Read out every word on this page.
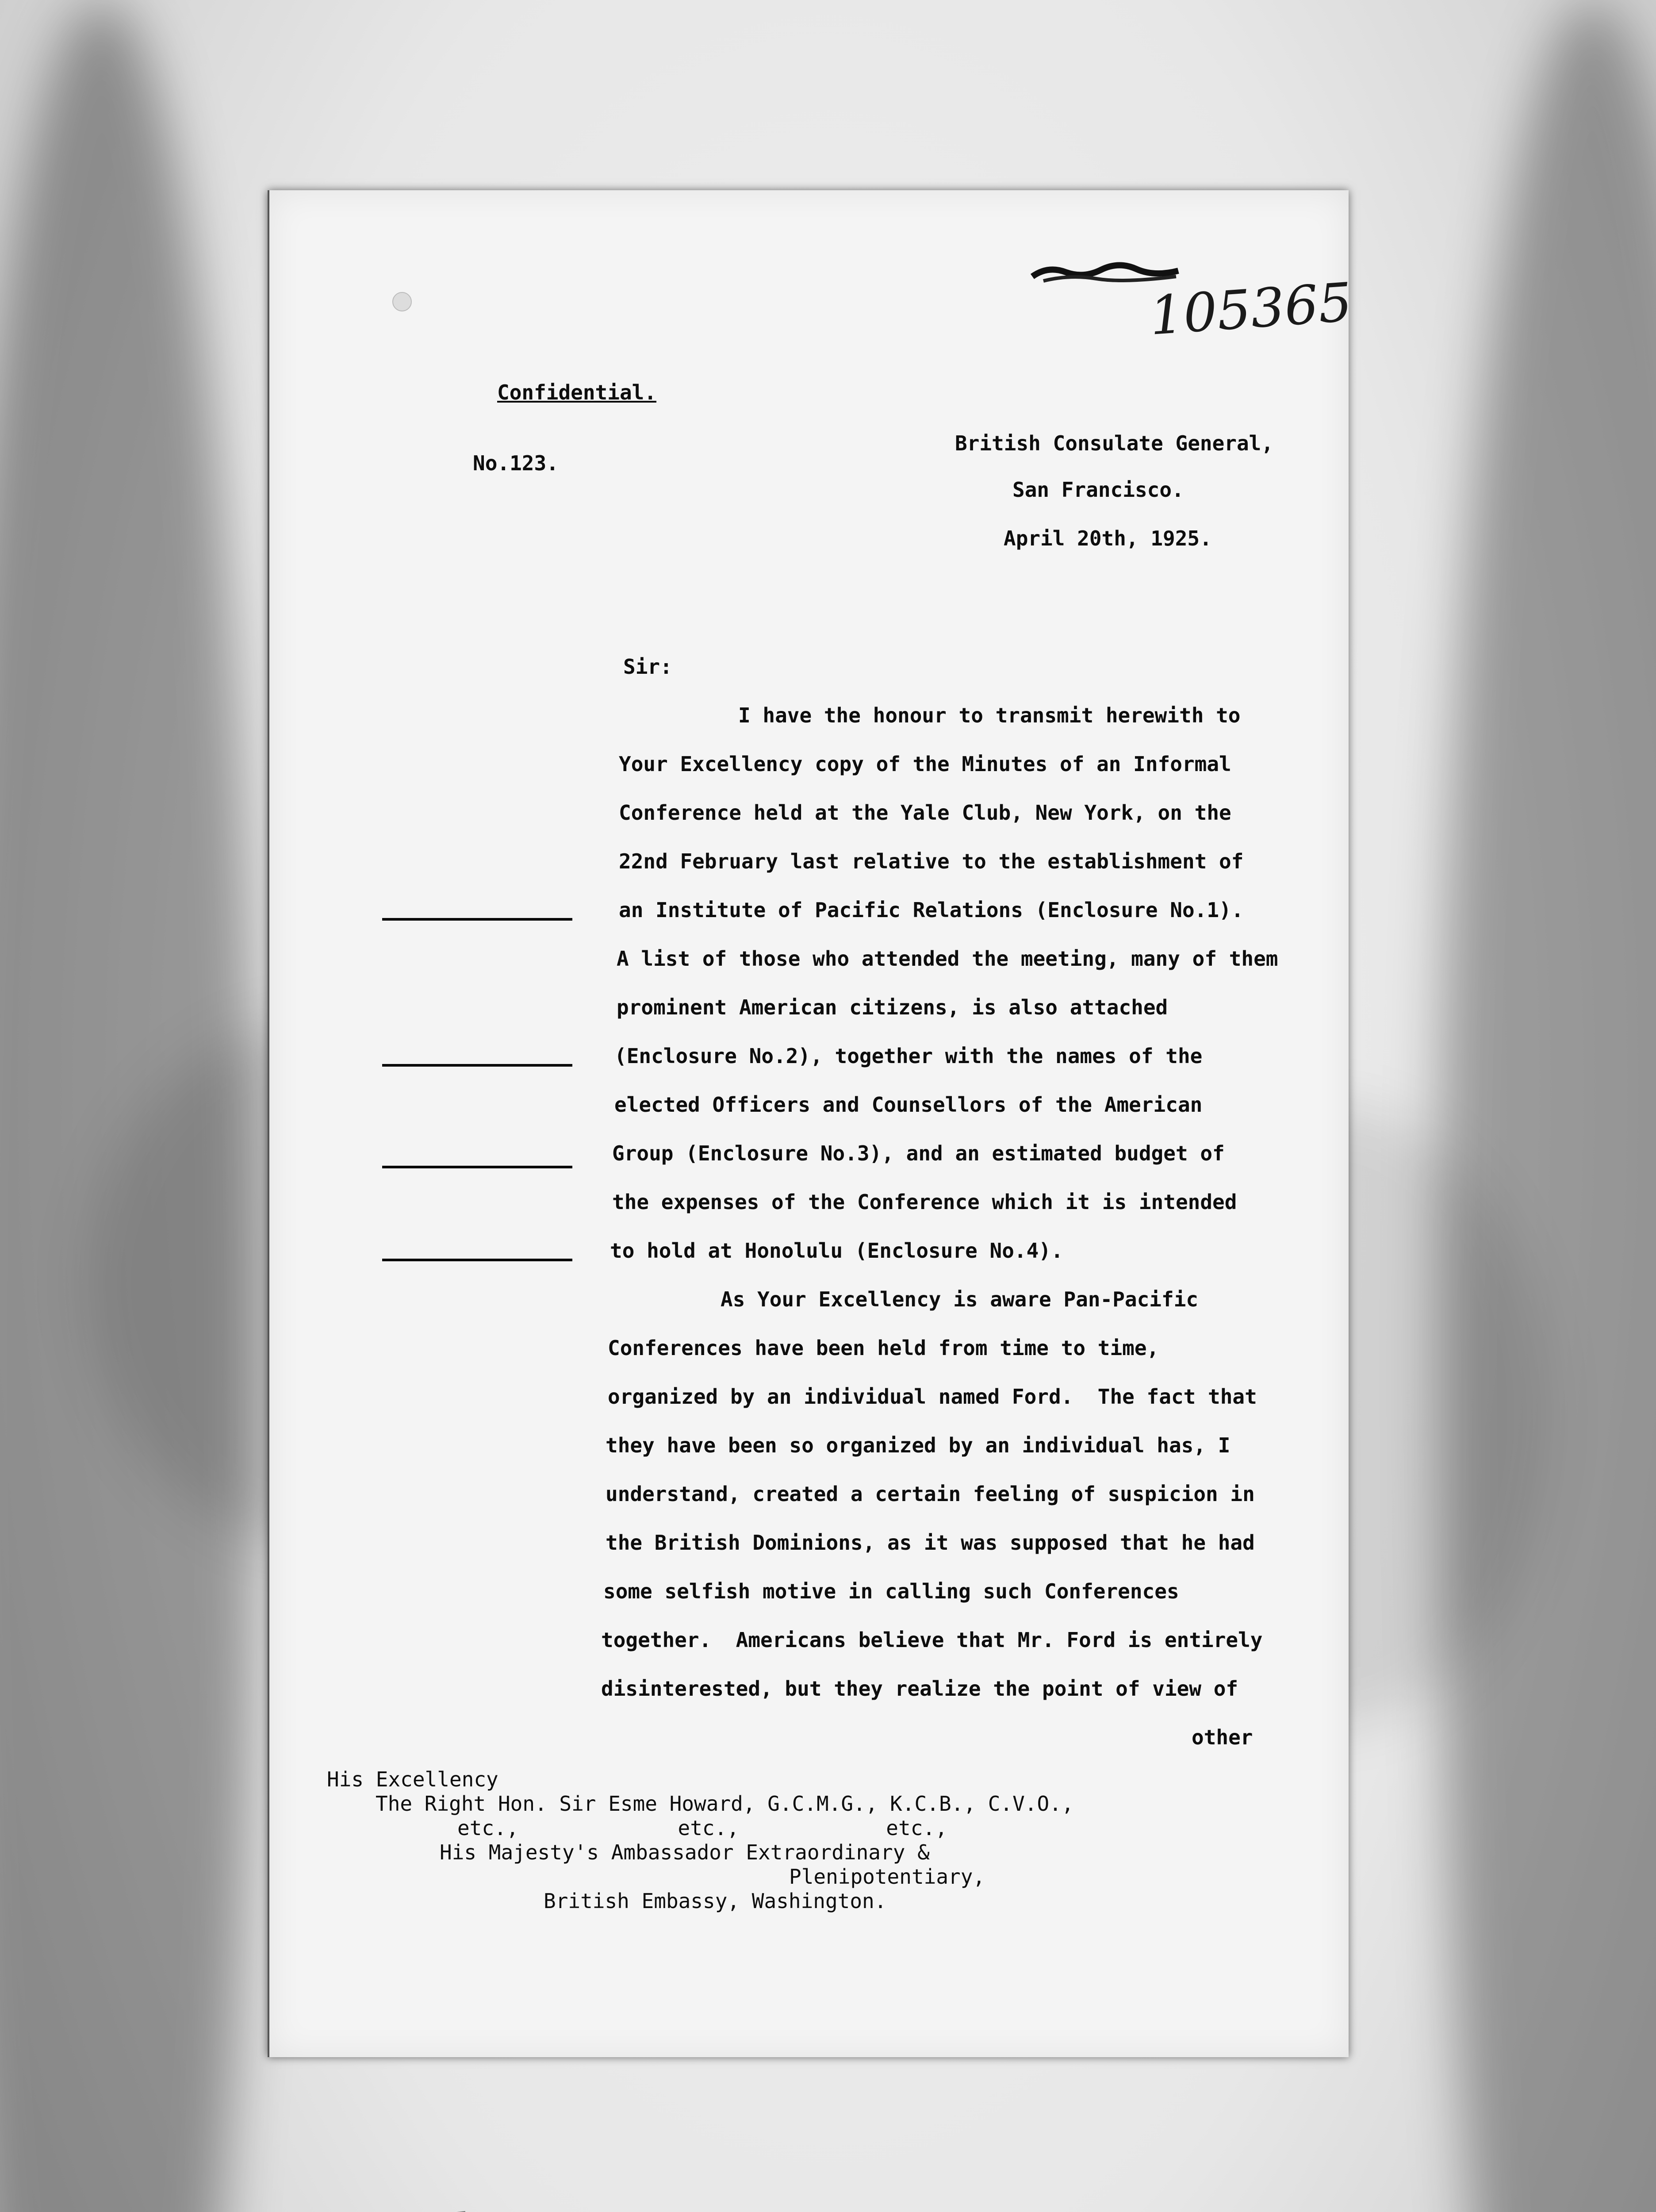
105365
Confidential.
No.123.
British Consulate General,
San Francisco.
April 20th, 1925.
Sir:
I have the honour to transmit herewith to
Your Excellency copy of the Minutes of an Informal
Conference held at the Yale Club, New York, on the
22nd February last relative to the establishment of
an Institute of Pacific Relations (Enclosure No.1).
A list of those who attended the meeting, many of them
prominent American citizens, is also attached
(Enclosure No.2), together with the names of the
elected Officers and Counsellors of the American
Group (Enclosure No.3), and an estimated budget of
the expenses of the Conference which it is intended
to hold at Honolulu (Enclosure No.4).
As Your Excellency is aware Pan-Pacific
Conferences have been held from time to time,
organized by an individual named Ford.  The fact that
they have been so organized by an individual has, I
understand, created a certain feeling of suspicion in
the British Dominions, as it was supposed that he had
some selfish motive in calling such Conferences
together.  Americans believe that Mr. Ford is entirely
disinterested, but they realize the point of view of
other
His Excellency
The Right Hon. Sir Esme Howard, G.C.M.G., K.C.B., C.V.O.,
etc.,             etc.,            etc.,
His Majesty's Ambassador Extraordinary &
Plenipotentiary,
British Embassy, Washington.
